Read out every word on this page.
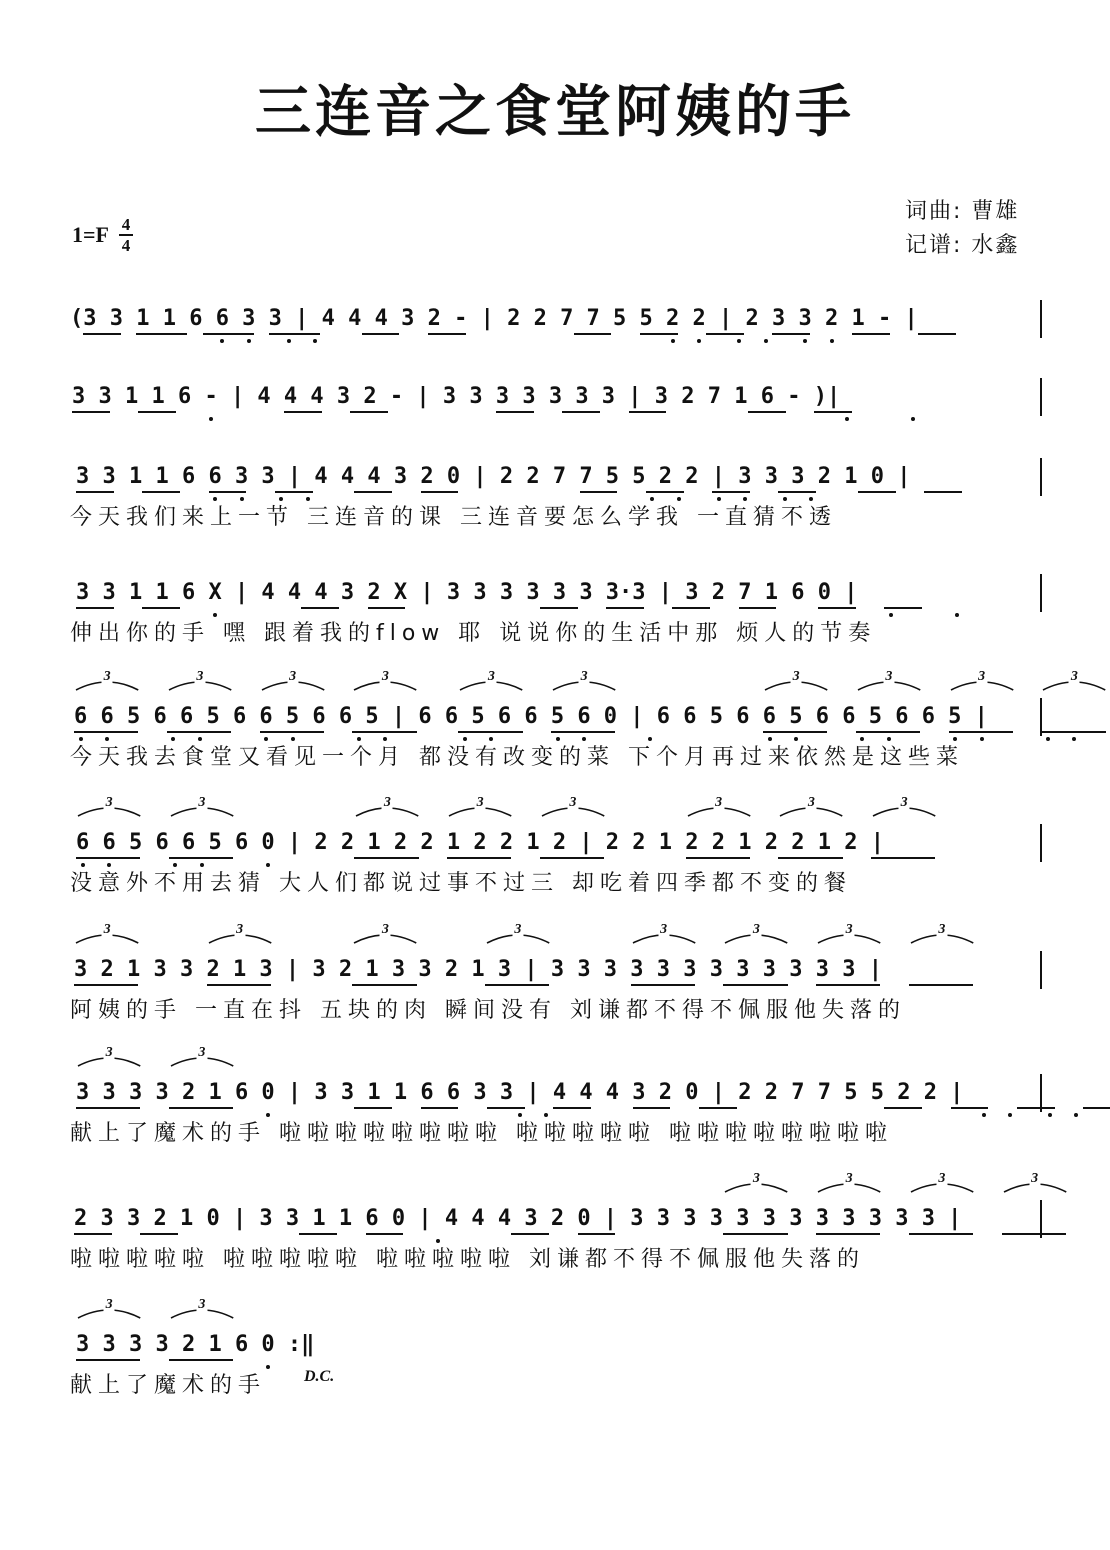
三连音之食堂阿姨的手
$1=F \frac{4}{4}$
词曲: 曹雄
记谱: 水鑫
(3 3 1 1 6 6 3 3 | 4 4 4 3 2 - | 2 2 7 7 5 5 2 2 | 2 3 3 2 1 - |
3 3 1 1 6 - | 4 4 4 3 2 - | 3 3 3 3 3 3 3 | 3 2 7 1 6 - )|
3 3 1 1 6 6 3 3 | 4 4 4 3 2 0 | 2 2 7 7 5 5 2 2 | 3 3 3 2 1 0 |
今天我们来上一节 三连音的课 三连音要怎么学我 一直猜不透
3 3 1 1 6 X | 4 4 4 3 2 X | 3 3 3 3 3 3 3·3 | 3 2 7 1 6 0 |
伸出你的手 嘿 跟着我的flow 耶 说说你的生活中那 烦人的节奏
6 6 5 6 6 5 6 6 5 6 6 5 | 6 6 5 6 6 5 6 0 | 6 6 5 6 6 5 6 6 5 6 6 5 |
3	3	3	3	3	3	3	3	3	3
今天我去食堂又看见一个月 都没有改变的菜 下个月再过来依然是这些菜
6 6 5 6 6 5 6 0 | 2 2 1 2 2 1 2 2 1 2 | 2 2 1 2 2 1 2 2 1 2 |
3	3	3	3	3	3	3	3
没意外不用去猜 大人们都说过事不过三 却吃着四季都不变的餐
3 2 1 3 3 2 1 3 | 3 2 1 3 3 2 1 3 | 3 3 3 3 3 3 3 3 3 3 3 3 |
3	3	3	3	3	3	3	3
阿姨的手 一直在抖 五块的肉 瞬间没有 刘谦都不得不佩服他失落的
3 3 3 3 2 1 6 0 | 3 3 1 1 6 6 3 3 | 4 4 4 3 2 0 | 2 2 7 7 5 5 2 2 |
3	3
献上了魔术的手 啦啦啦啦啦啦啦啦 啦啦啦啦啦 啦啦啦啦啦啦啦啦
2 3 3 2 1 0 | 3 3 1 1 6 0 | 4 4 4 3 2 0 | 3 3 3 3 3 3 3 3 3 3 3 3 |
3	3	3	3
啦啦啦啦啦 啦啦啦啦啦 啦啦啦啦啦 刘谦都不得不佩服他失落的
3 3 3 3 2 1 6 0 :‖
3	3
献上了魔术的手 D.C.
